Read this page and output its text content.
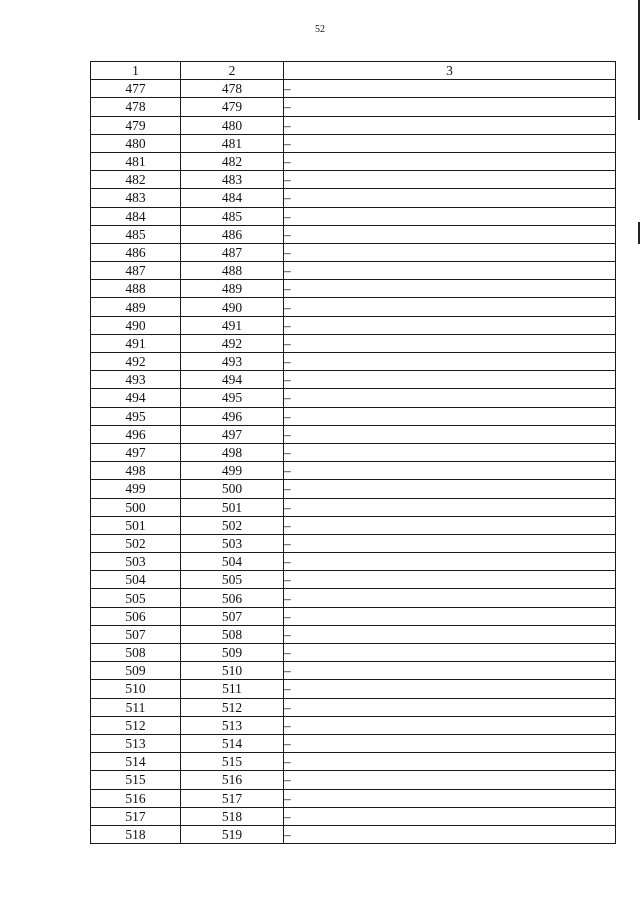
52
1	2	3
477	478	–
478	479	–
479	480	–
480	481	–
481	482	–
482	483	–
483	484	–
484	485	–
485	486	–
486	487	–
487	488	–
488	489	–
489	490	–
490	491	–
491	492	–
492	493	–
493	494	–
494	495	–
495	496	–
496	497	–
497	498	–
498	499	–
499	500	–
500	501	–
501	502	–
502	503	–
503	504	–
504	505	–
505	506	–
506	507	–
507	508	–
508	509	–
509	510	–
510	511	–
511	512	–
512	513	–
513	514	–
514	515	–
515	516	–
516	517	–
517	518	–
518	519	–
